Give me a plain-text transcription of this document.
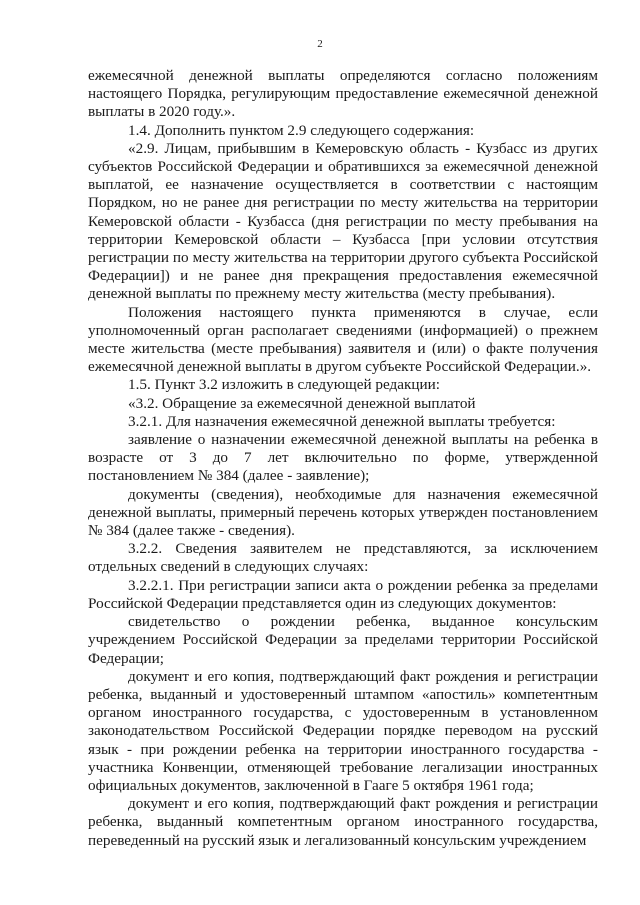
2

ежемесячной денежной выплаты определяются согласно положениям настоящего Порядка, регулирующим предоставление ежемесячной денежной выплаты в 2020 году.».

1.4. Дополнить пунктом 2.9 следующего содержания:

«2.9. Лицам, прибывшим в Кемеровскую область - Кузбасс из других субъектов Российской Федерации и обратившихся за ежемесячной денежной выплатой, ее назначение осуществляется в соответствии с настоящим Порядком, но не ранее дня регистрации по месту жительства на территории Кемеровской области - Кузбасса (дня регистрации по месту пребывания на территории Кемеровской области – Кузбасса [при условии отсутствия регистрации по месту жительства на территории другого субъекта Российской Федерации]) и не ранее дня прекращения предоставления ежемесячной денежной выплаты по прежнему месту жительства (месту пребывания).

Положения настоящего пункта применяются в случае, если уполномоченный орган располагает сведениями (информацией) о прежнем месте жительства (месте пребывания) заявителя и (или) о факте получения ежемесячной денежной выплаты в другом субъекте Российской Федерации.».

1.5. Пункт 3.2 изложить в следующей редакции:

«3.2. Обращение за ежемесячной денежной выплатой

3.2.1. Для назначения ежемесячной денежной выплаты требуется:

заявление о назначении ежемесячной денежной выплаты на ребенка в возрасте от 3 до 7 лет включительно по форме, утвержденной постановлением № 384 (далее - заявление);

документы (сведения), необходимые для назначения ежемесячной денежной выплаты, примерный перечень которых утвержден постановлением № 384 (далее также - сведения).

3.2.2. Сведения заявителем не представляются, за исключением отдельных сведений в следующих случаях:

3.2.2.1. При регистрации записи акта о рождении ребенка за пределами Российской Федерации представляется один из следующих документов:

свидетельство о рождении ребенка, выданное консульским учреждением Российской Федерации за пределами территории Российской Федерации;

документ и его копия, подтверждающий факт рождения и регистрации ребенка, выданный и удостоверенный штампом «апостиль» компетентным органом иностранного государства, с удостоверенным в установленном законодательством Российской Федерации порядке переводом на русский язык - при рождении ребенка на территории иностранного государства - участника Конвенции, отменяющей требование легализации иностранных официальных документов, заключенной в Гааге 5 октября 1961 года;

документ и его копия, подтверждающий факт рождения и регистрации ребенка, выданный компетентным органом иностранного государства, переведенный на русский язык и легализованный консульским учреждением
